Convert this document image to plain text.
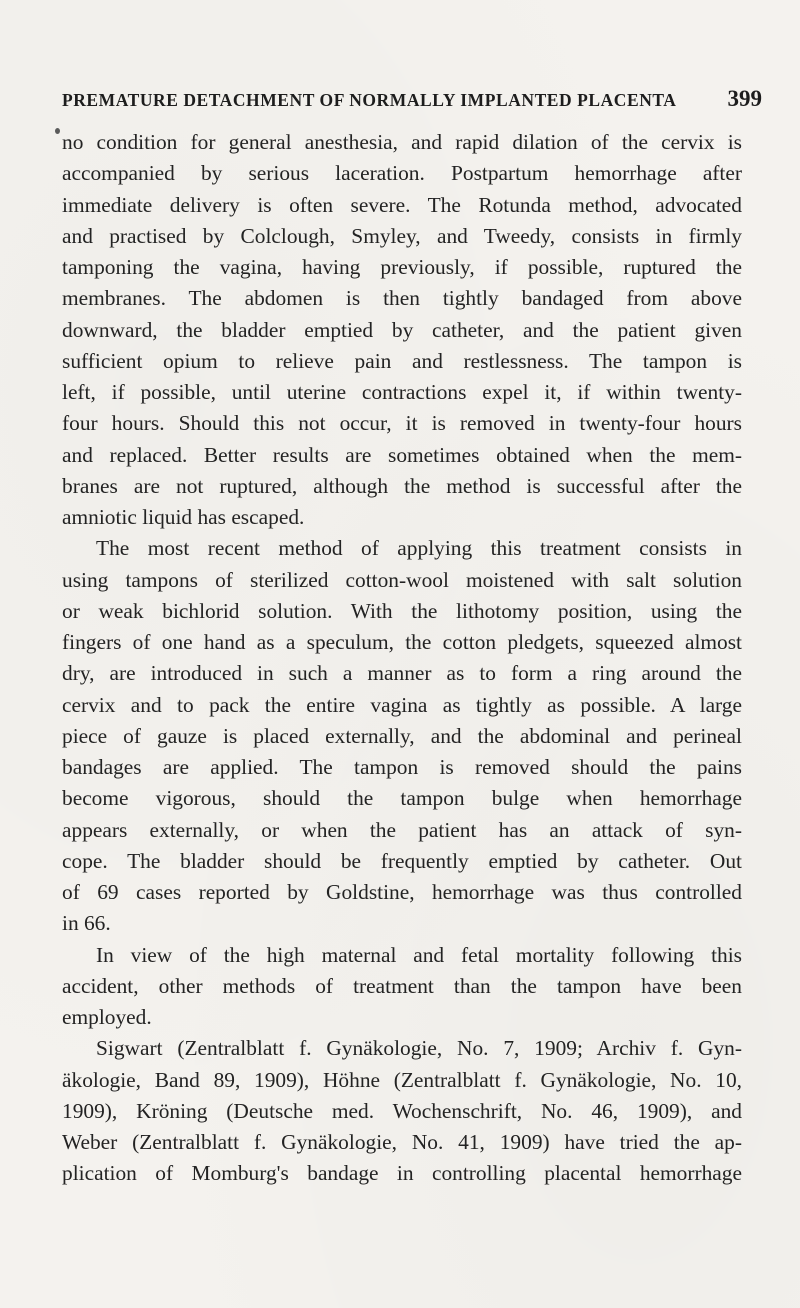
PREMATURE DETACHMENT OF NORMALLY IMPLANTED PLACENTA 399
no condition for general anesthesia, and rapid dilation of the cervix is
accompanied by serious laceration. Postpartum hemorrhage after
immediate delivery is often severe. The Rotunda method, advocated
and practised by Colclough, Smyley, and Tweedy, consists in firmly
tamponing the vagina, having previously, if possible, ruptured the
membranes. The abdomen is then tightly bandaged from above
downward, the bladder emptied by catheter, and the patient given
sufficient opium to relieve pain and restlessness. The tampon is
left, if possible, until uterine contractions expel it, if within twenty-
four hours. Should this not occur, it is removed in twenty-four hours
and replaced. Better results are sometimes obtained when the mem-
branes are not ruptured, although the method is successful after the
amniotic liquid has escaped.
The most recent method of applying this treatment consists in
using tampons of sterilized cotton-wool moistened with salt solution
or weak bichlorid solution. With the lithotomy position, using the
fingers of one hand as a speculum, the cotton pledgets, squeezed almost
dry, are introduced in such a manner as to form a ring around the
cervix and to pack the entire vagina as tightly as possible. A large
piece of gauze is placed externally, and the abdominal and perineal
bandages are applied. The tampon is removed should the pains
become vigorous, should the tampon bulge when hemorrhage
appears externally, or when the patient has an attack of syn-
cope. The bladder should be frequently emptied by catheter. Out
of 69 cases reported by Goldstine, hemorrhage was thus controlled
in 66.
In view of the high maternal and fetal mortality following this
accident, other methods of treatment than the tampon have been
employed.
Sigwart (Zentralblatt f. Gynäkologie, No. 7, 1909; Archiv f. Gyn-
äkologie, Band 89, 1909), Höhne (Zentralblatt f. Gynäkologie, No. 10,
1909), Kröning (Deutsche med. Wochenschrift, No. 46, 1909), and
Weber (Zentralblatt f. Gynäkologie, No. 41, 1909) have tried the ap-
plication of Momburg's bandage in controlling placental hemorrhage
